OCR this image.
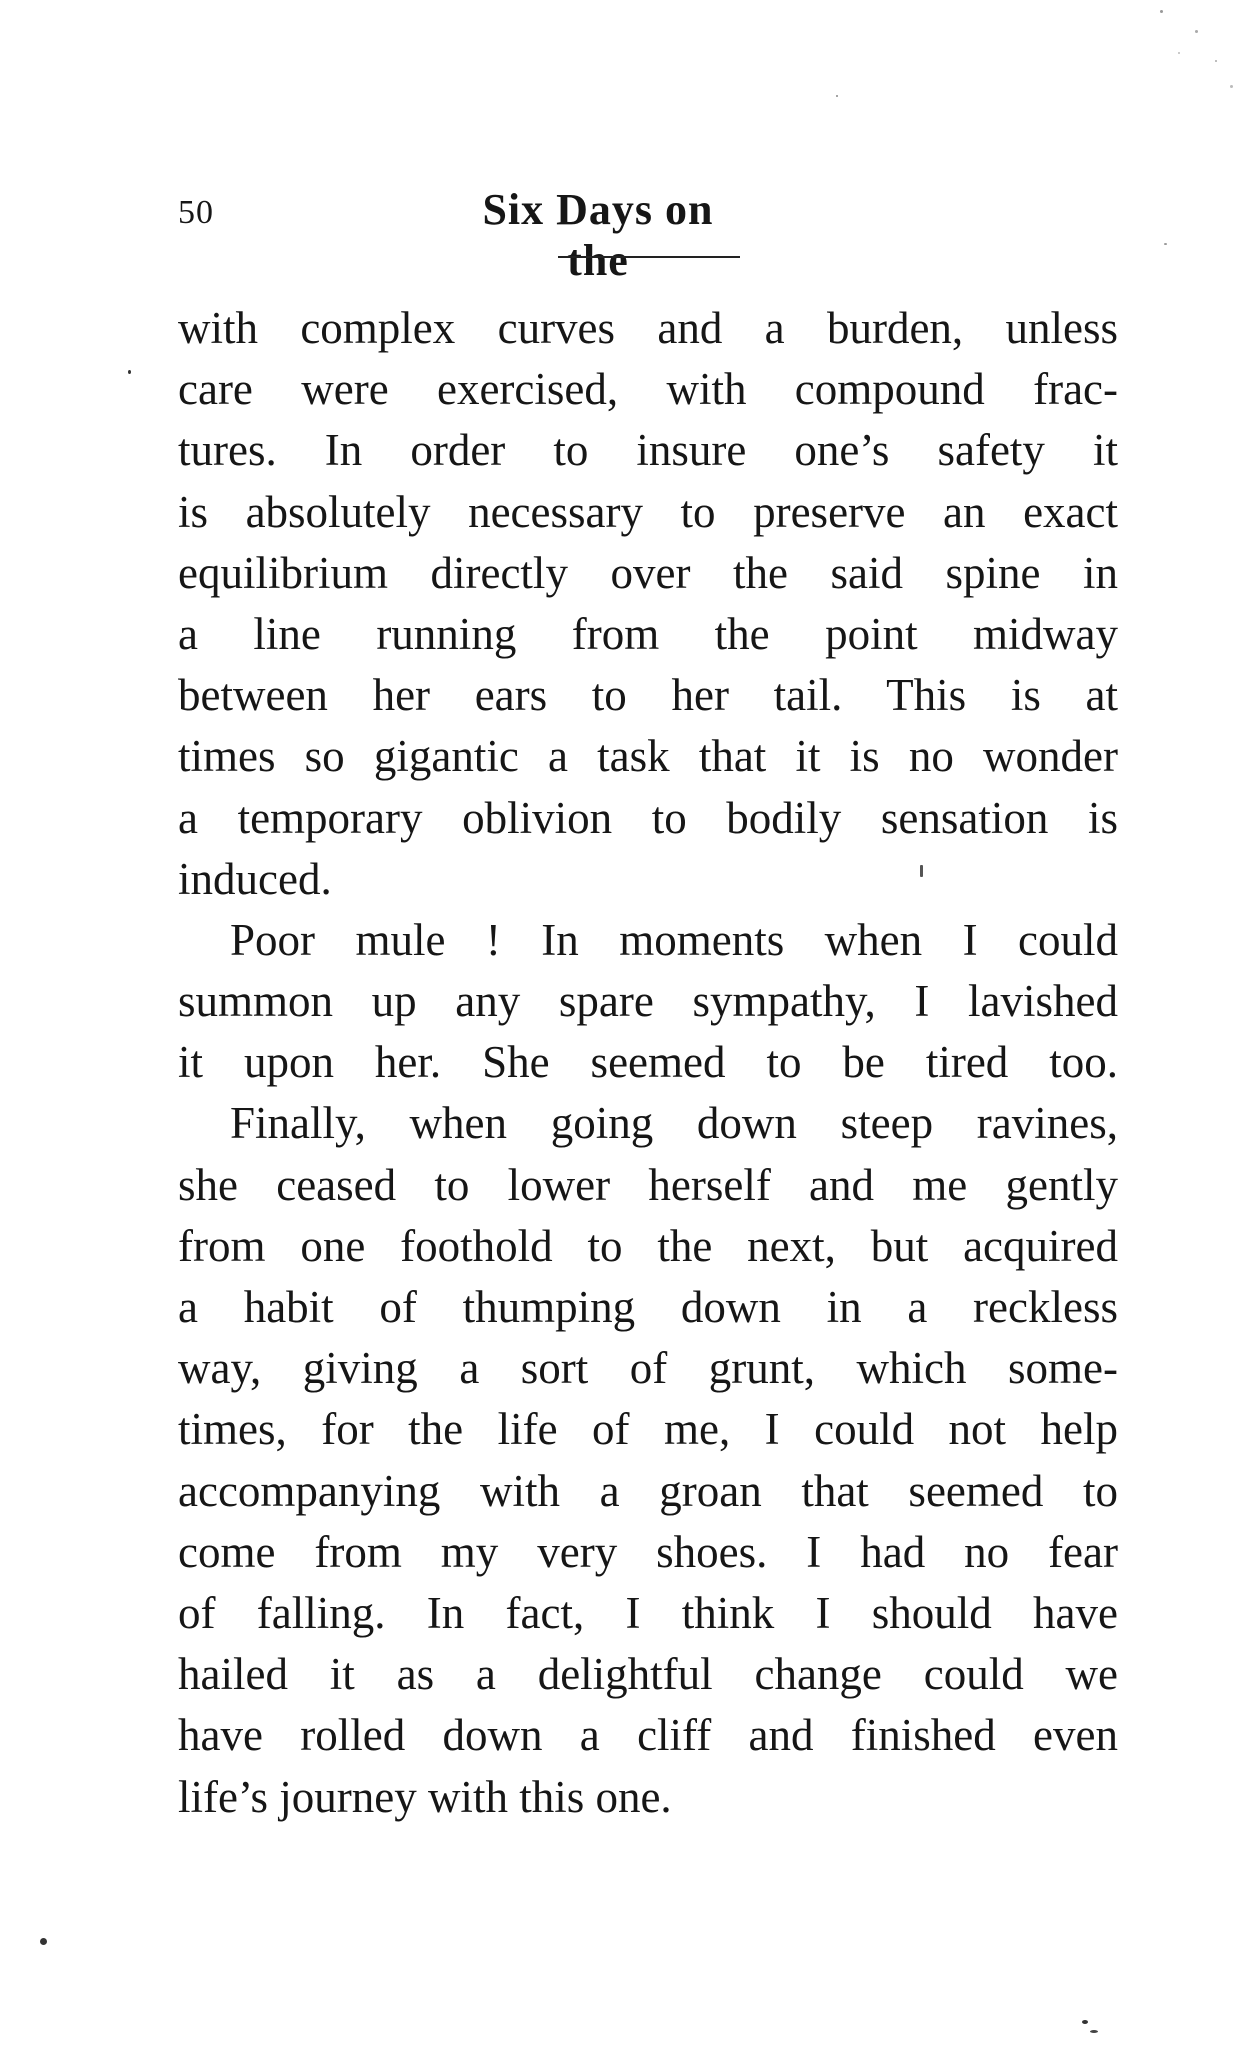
50	Six Days on the
with complex curves and a burden, unless
care were exercised, with compound frac-
tures. In order to insure one’s safety it
is absolutely necessary to preserve an exact
equilibrium directly over the said spine in
a line running from the point midway
between her ears to her tail. This is at
times so gigantic a task that it is no wonder
a temporary oblivion to bodily sensation is
induced.
Poor mule ! In moments when I could
summon up any spare sympathy, I lavished
it upon her. She seemed to be tired too.
Finally, when going down steep ravines,
she ceased to lower herself and me gently
from one foothold to the next, but acquired
a habit of thumping down in a reckless
way, giving a sort of grunt, which some-
times, for the life of me, I could not help
accompanying with a groan that seemed to
come from my very shoes. I had no fear
of falling. In fact, I think I should have
hailed it as a delightful change could we
have rolled down a cliff and finished even
life’s journey with this one.
